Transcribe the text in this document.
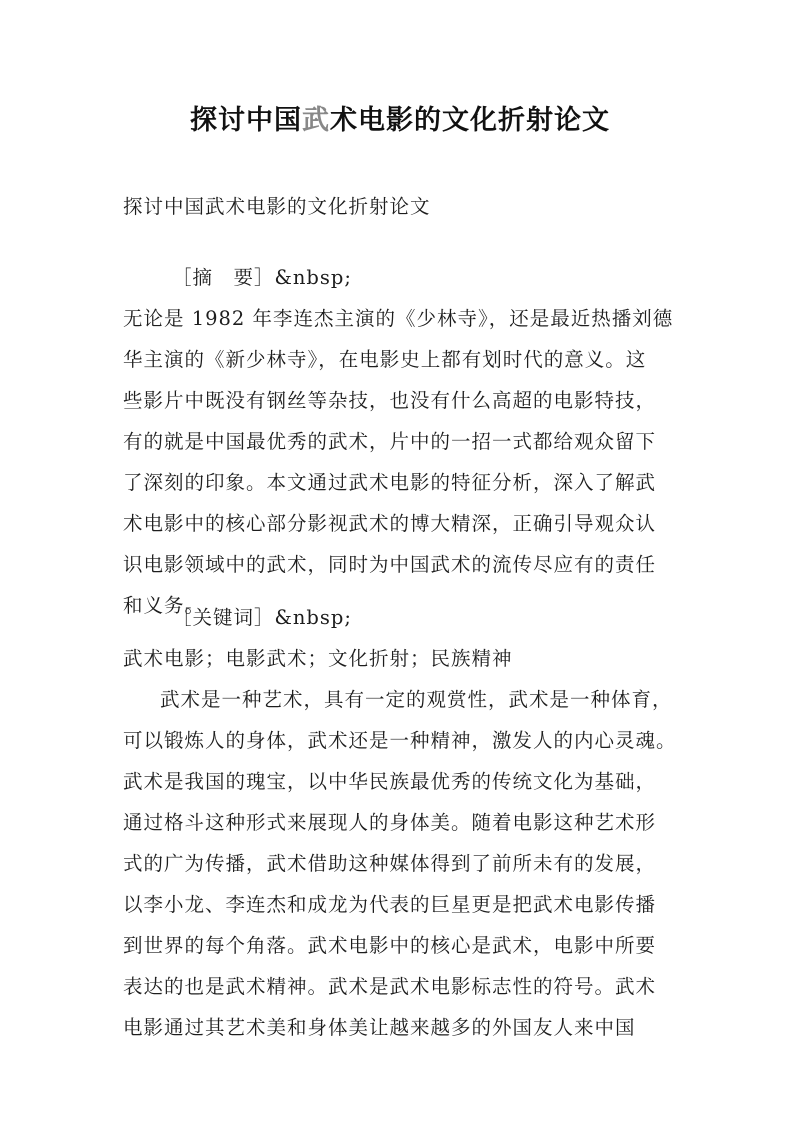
探讨中国武术电影的文化折射论文
探讨中国武术电影的文化折射论文
［摘　要］&nbsp;
无论是 1982 年李连杰主演的《少林寺》，还是最近热播刘德
华主演的《新少林寺》，在电影史上都有划时代的意义。这
些影片中既没有钢丝等杂技，也没有什么高超的电影特技，
有的就是中国最优秀的武术，片中的一招一式都给观众留下
了深刻的印象。本文通过武术电影的特征分析，深入了解武
术电影中的核心部分影视武术的博大精深，正确引导观众认
识电影领域中的武术，同时为中国武术的流传尽应有的责任
和义务。
［关键词］&nbsp;
武术电影；电影武术；文化折射；民族精神
武术是一种艺术，具有一定的观赏性，武术是一种体育，
可以锻炼人的身体，武术还是一种精神，激发人的内心灵魂。
武术是我国的瑰宝，以中华民族最优秀的传统文化为基础，
通过格斗这种形式来展现人的身体美。随着电影这种艺术形
式的广为传播，武术借助这种媒体得到了前所未有的发展，
以李小龙、李连杰和成龙为代表的巨星更是把武术电影传播
到世界的每个角落。武术电影中的核心是武术，电影中所要
表达的也是武术精神。武术是武术电影标志性的符号。武术
电影通过其艺术美和身体美让越来越多的外国友人来中国
